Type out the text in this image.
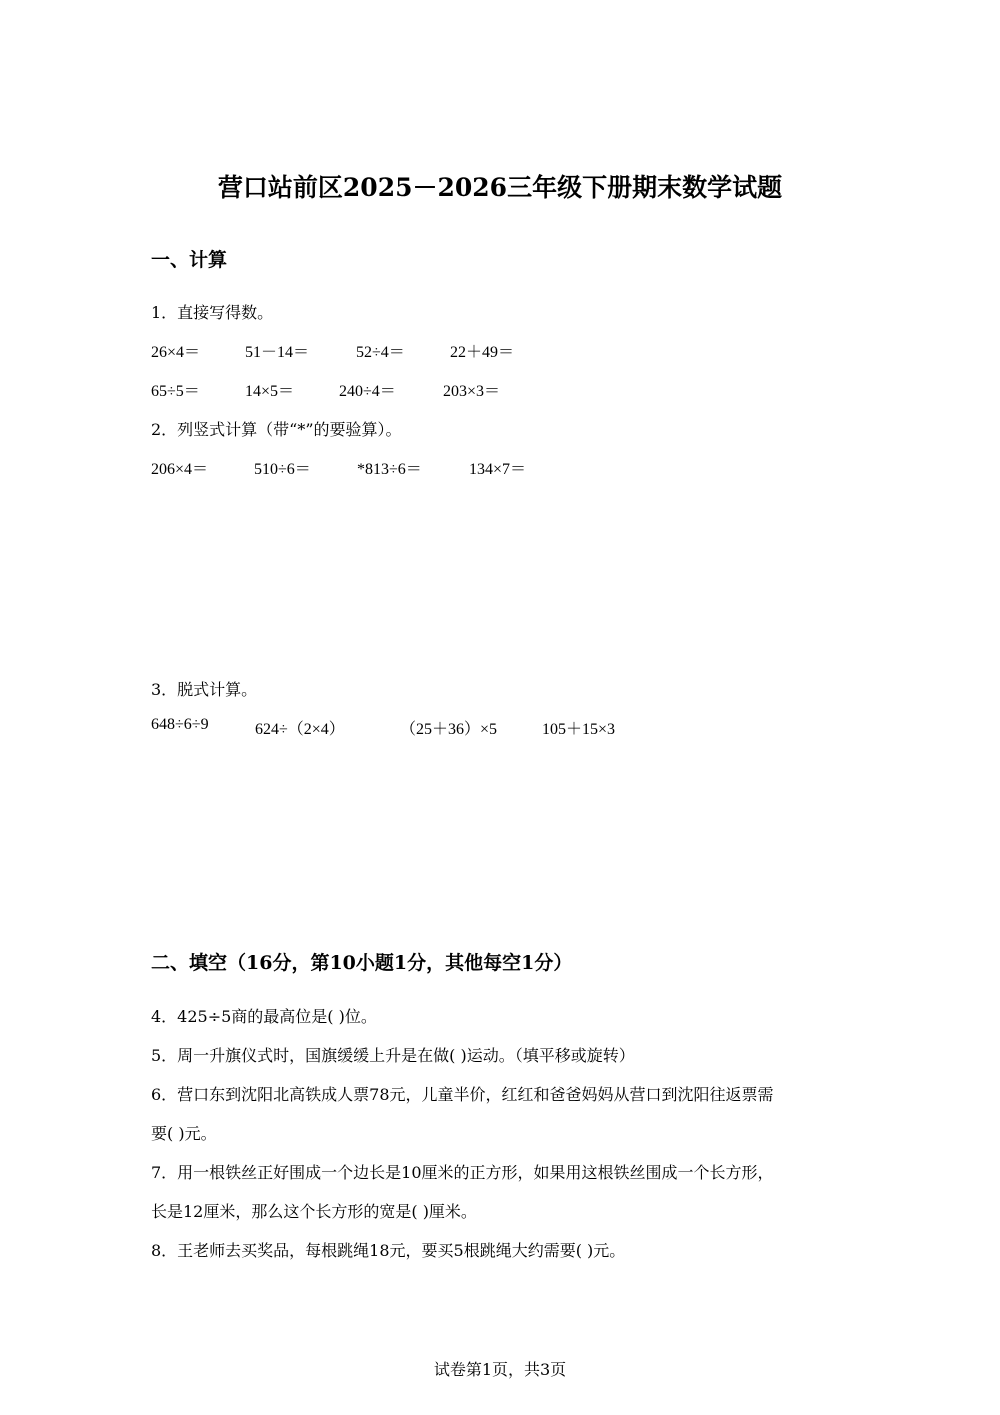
营口站前区2025－2026三年级下册期末数学试题
一、计算
1．直接写得数。
26×4＝	51－14＝	52÷4＝	22＋49＝
65÷5＝	14×5＝	240÷4＝	203×3＝
2．列竖式计算（带“*”的要验算）。
206×4＝	510÷6＝	*813÷6＝	134×7＝
3．脱式计算。
648÷6÷9	624÷（2×4）	（25＋36）×5	105＋15×3
二、填空（16分，第10小题1分，其他每空1分）
4．425÷5商的最高位是( )位。
5．周一升旗仪式时，国旗缓缓上升是在做( )运动。（填平移或旋转）
6．营口东到沈阳北高铁成人票78元，儿童半价，红红和爸爸妈妈从营口到沈阳往返票需
要( )元。
7．用一根铁丝正好围成一个边长是10厘米的正方形，如果用这根铁丝围成一个长方形，
长是12厘米，那么这个长方形的宽是( )厘米。
8．王老师去买奖品，每根跳绳18元，要买5根跳绳大约需要( )元。
试卷第1页，共3页
